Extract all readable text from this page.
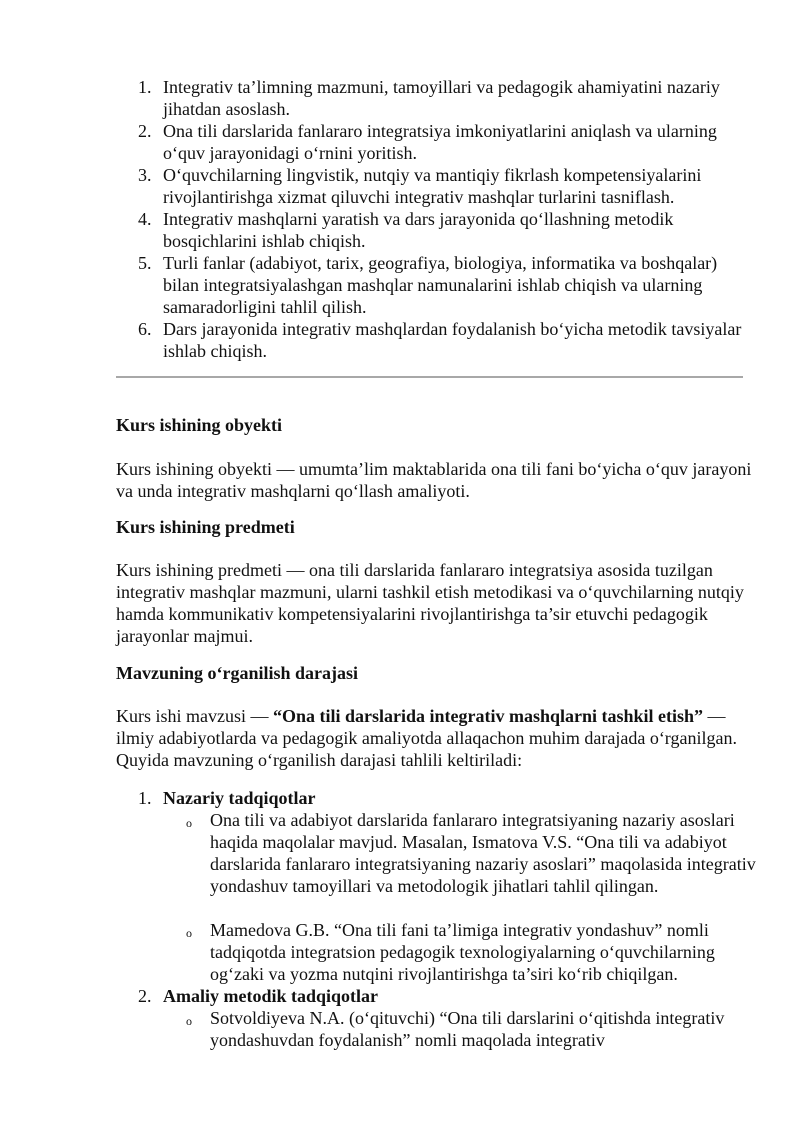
1. Integrativ ta’limning mazmuni, tamoyillari va pedagogik ahamiyatini nazariy jihatdan asoslash.
2. Ona tili darslarida fanlararo integratsiya imkoniyatlarini aniqlash va ularning o‘quv jarayonidagi o‘rnini yoritish.
3. O‘quvchilarning lingvistik, nutqiy va mantiqiy fikrlash kompetensiyalarini rivojlantirishga xizmat qiluvchi integrativ mashqlar turlarini tasniflash.
4. Integrativ mashqlarni yaratish va dars jarayonida qo‘llashning metodik bosqichlarini ishlab chiqish.
5. Turli fanlar (adabiyot, tarix, geografiya, biologiya, informatika va boshqalar) bilan integratsiyalashgan mashqlar namunalarini ishlab chiqish va ularning samaradorligini tahlil qilish.
6. Dars jarayonida integrativ mashqlardan foydalanish bo‘yicha metodik tavsiyalar ishlab chiqish.

Kurs ishining obyekti

Kurs ishining obyekti — umumta’lim maktablarida ona tili fani bo‘yicha o‘quv jarayoni va unda integrativ mashqlarni qo‘llash amaliyoti.

Kurs ishining predmeti

Kurs ishining predmeti — ona tili darslarida fanlararo integratsiya asosida tuzilgan integrativ mashqlar mazmuni, ularni tashkil etish metodikasi va o‘quvchilarning nutqiy hamda kommunikativ kompetensiyalarini rivojlantirishga ta’sir etuvchi pedagogik jarayonlar majmui.

Mavzuning o‘rganilish darajasi

Kurs ishi mavzusi — “Ona tili darslarida integrativ mashqlarni tashkil etish” — ilmiy adabiyotlarda va pedagogik amaliyotda allaqachon muhim darajada o‘rganilgan. Quyida mavzuning o‘rganilish darajasi tahlili keltiriladi:

1. Nazariy tadqiqotlar
o Ona tili va adabiyot darslarida fanlararo integratsiyaning nazariy asoslari haqida maqolalar mavjud. Masalan, Ismatova V.S. “Ona tili va adabiyot darslarida fanlararo integratsiyaning nazariy asoslari” maqolasida integrativ yondashuv tamoyillari va metodologik jihatlari tahlil qilingan.
o Mamedova G.B. “Ona tili fani ta’limiga integrativ yondashuv” nomli tadqiqotda integratsion pedagogik texnologiyalarning o‘quvchilarning og‘zaki va yozma nutqini rivojlantirishga ta’siri ko‘rib chiqilgan.
2. Amaliy metodik tadqiqotlar
o Sotvoldiyeva N.A. (o‘qituvchi) “Ona tili darslarini o‘qitishda integrativ yondashuvdan foydalanish” nomli maqolada integrativ
